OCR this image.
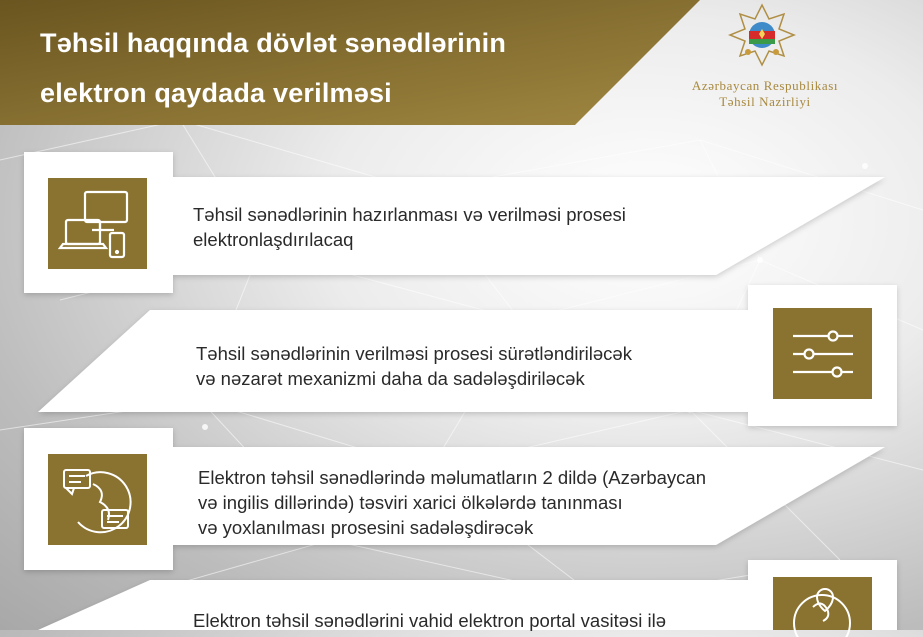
Təhsil haqqında dövlət sənədlərinin
elektron qaydada verilməsi	Azərbaycan Respublikası
Təhsil Nazirliyi
Təhsil sənədlərinin hazırlanması və verilməsi prosesi
elektronlaşdırılacaq
Təhsil sənədlərinin verilməsi prosesi sürətləndiriləcək
və nəzarət mexanizmi daha da sadələşdiriləcək
Elektron təhsil sənədlərində məlumatların 2 dildə (Azərbaycan
və ingilis dillərində) təsviri xarici ölkələrdə tanınması
və yoxlanılması prosesini sadələşdirəcək
Elektron təhsil sənədlərini vahid elektron portal vasitəsi ilə
